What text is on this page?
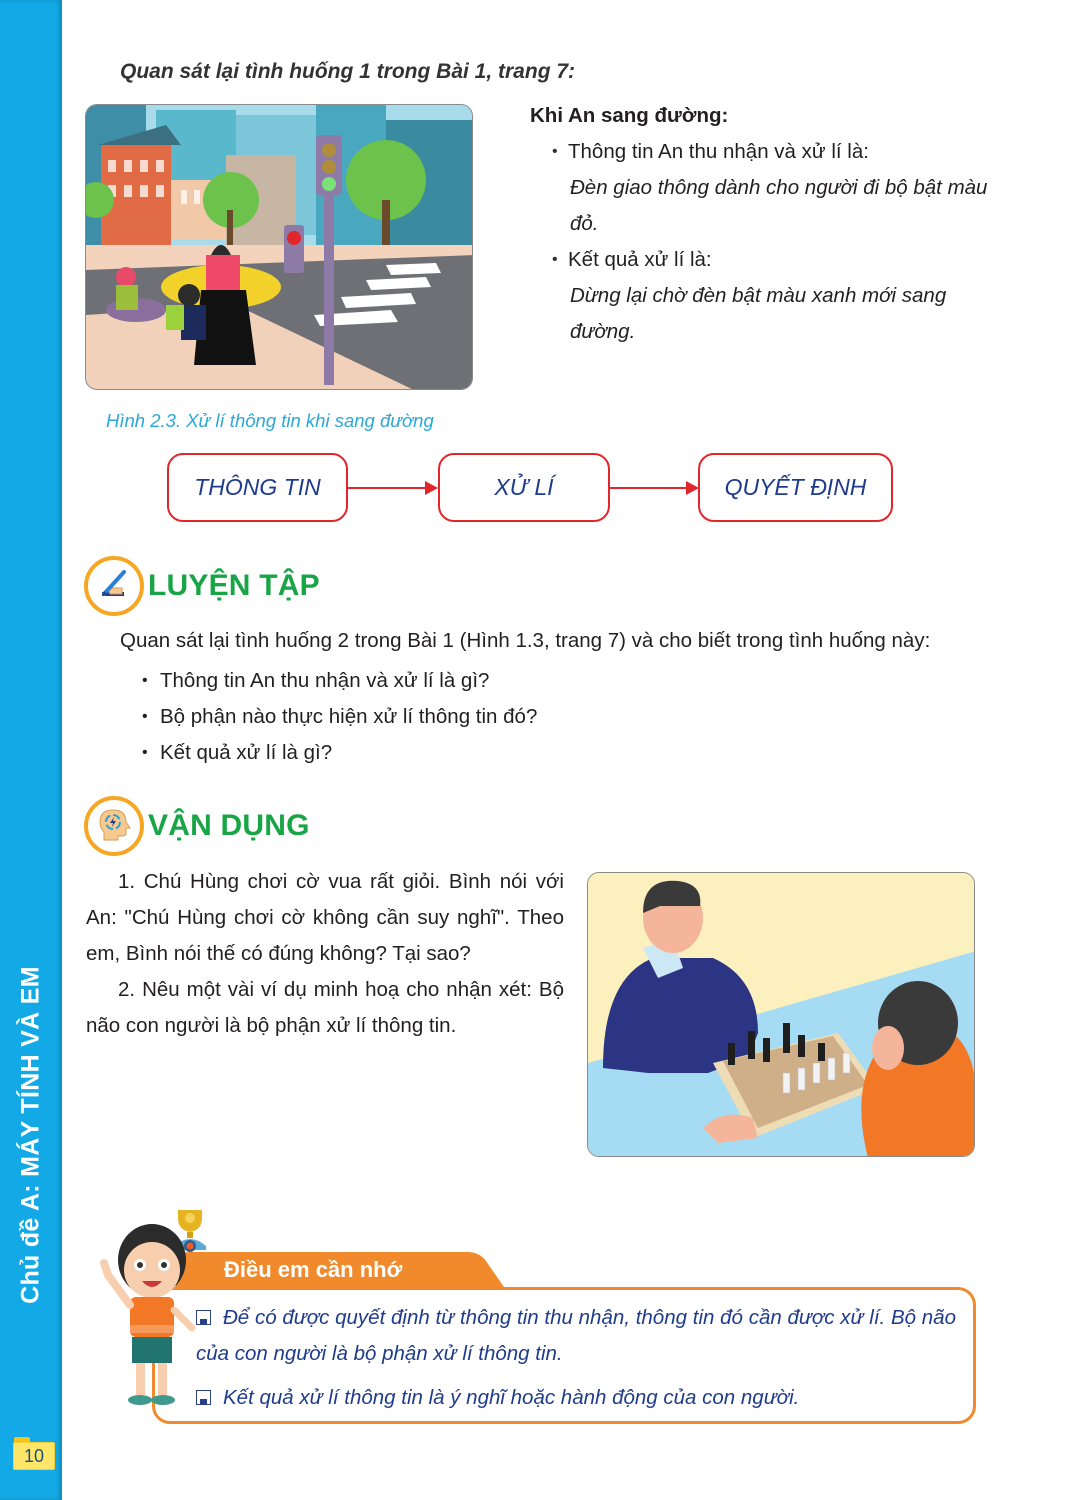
Chủ đề A: MÁY TÍNH VÀ EM
10
Quan sát lại tình huống 1 trong Bài 1, trang 7:
Khi An sang đường:
• Thông tin An thu nhận và xử lí là:
Đèn giao thông dành cho người đi bộ bật màu đỏ.
• Kết quả xử lí là:
Dừng lại chờ đèn bật màu xanh mới sang đường.
Hình 2.3. Xử lí thông tin khi sang đường
THÔNG TIN	XỬ LÍ	QUYẾT ĐỊNH
LUYỆN TẬP
Quan sát lại tình huống 2 trong Bài 1 (Hình 1.3, trang 7) và cho biết trong tình huống này:
• Thông tin An thu nhận và xử lí là gì?
• Bộ phận nào thực hiện xử lí thông tin đó?
• Kết quả xử lí là gì?
VẬN DỤNG

1. Chú Hùng chơi cờ vua rất giỏi. Bình nói với An: "Chú Hùng chơi cờ không cần suy nghĩ". Theo em, Bình nói thế có đúng không? Tại sao?

2. Nêu một vài ví dụ minh hoạ cho nhận xét: Bộ não con người là bộ phận xử lí thông tin.

Điều em cần nhớ
Để có được quyết định từ thông tin thu nhận, thông tin đó cần được xử lí. Bộ não của con người là bộ phận xử lí thông tin.
Kết quả xử lí thông tin là ý nghĩ hoặc hành động của con người.
